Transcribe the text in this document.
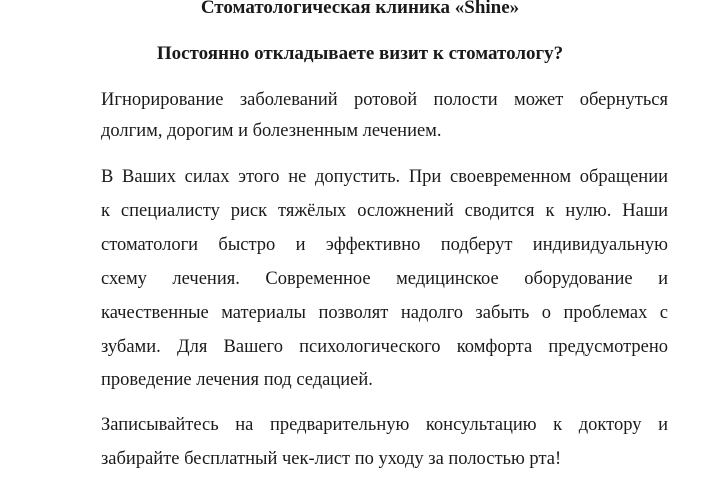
Стоматологическая клиника «Shine»
Постоянно откладываете визит к стоматологу?
Игнорирование заболеваний ротовой полости может обернуться
долгим, дорогим и болезненным лечением.
В Ваших силах этого не допустить. При своевременном обращении
к специалисту риск тяжёлых осложнений сводится к нулю. Наши
стоматологи быстро и эффективно подберут индивидуальную
схему лечения. Современное медицинское оборудование и
качественные материалы позволят надолго забыть о проблемах с
зубами. Для Вашего психологического комфорта предусмотрено
проведение лечения под седацией.
Записывайтесь на предварительную консультацию к доктору и
забирайте бесплатный чек-лист по уходу за полостью рта!
